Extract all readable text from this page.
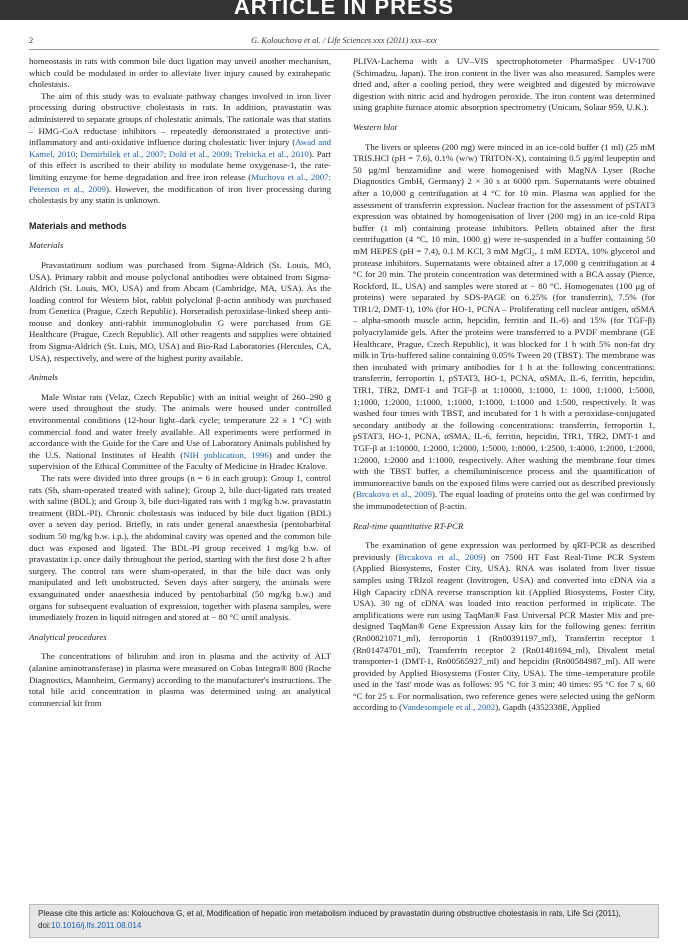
ARTICLE IN PRESS
2	G. Kolouchova et al. / Life Sciences xxx (2011) xxx–xxx

homeostasis in rats with common bile duct ligation may unveil another mechanism, which could be modulated in order to alleviate liver injury caused by extrahepatic cholestasis.

The aim of this study was to evaluate pathway changes involved in iron liver processing during obstructive cholestasis in rats. In addition, pravastatin was administered to separate groups of cholestatic animals. The rationale was that statins – HMG-CoA reductase inhibitors – repeatedly demonstrated a protective anti-inflammatory and anti-oxidative influence during cholestatic liver injury (Awad and Kamel, 2010; Demirbilek et al., 2007; Dold et al., 2009; Trebicka et al., 2010). Part of this effect is ascribed to their ability to modulate heme oxygenase-1, the rate-limiting enzyme for heme degradation and free iron release (Muchova et al., 2007; Peterson et al., 2009). However, the modification of iron liver processing during cholestasis by any statin is unknown.

Materials and methods
Materials

Pravastatinum sodium was purchased from Sigma-Aldrich (St. Louis, MO, USA). Primary rabbit and mouse polyclonal antibodies were obtained from Sigma-Aldrich (St. Louis, MO, USA) and from Abcam (Cambridge, MA, USA). As the loading control for Western blot, rabbit polyclonal β-actin antibody was purchased from Genetica (Prague, Czech Republic). Horseradish peroxidase-linked sheep anti-mouse and donkey anti-rabbit immunoglobulin G were purchased from GE Healthcare (Prague, Czech Republic). All other reagents and supplies were obtained from Sigma-Aldrich (St. Luis, MO, USA) and Bio-Rad Laboratories (Hercules, CA, USA), respectively, and were of the highest purity available.

Animals

Male Wistar rats (Velaz, Czech Republic) with an initial weight of 260–290 g were used throughout the study. The animals were housed under controlled environmental conditions (12-hour light–dark cycle; temperature 22 ± 1 °C) with commercial food and water freely available. All experiments were performed in accordance with the Guide for the Care and Use of Laboratory Animals published by the U.S. National Institutes of Health (NIH publication, 1996) and under the supervision of the Ethical Committee of the Faculty of Medicine in Hradec Kralove.

The rats were divided into three groups (n = 6 in each group): Group 1, control rats (Sh, sham-operated treated with saline); Group 2, bile duct-ligated rats treated with saline (BDL); and Group 3, bile duct-ligated rats with 1 mg/kg b.w. pravastatin treatment (BDL-PI). Chronic cholestasis was induced by bile duct ligation (BDL) over a seven day period. Briefly, in rats under general anaesthesia (pentobarbital sodium 50 mg/kg b.w. i.p.), the abdominal cavity was opened and the common bile duct was exposed and ligated. The BDL-PI group received 1 mg/kg b.w. of pravastatin i.p. once daily throughout the period, starting with the first dose 2 h after surgery. The control rats were sham-operated, in that the bile duct was only manipulated and left unobstructed. Seven days after surgery, the animals were exsanguinated under anaesthesia induced by pentobarbital (50 mg/kg b.w.) and organs for subsequent evaluation of expression, together with plasma samples, were immediately frozen in liquid nitrogen and stored at − 80 °C until analysis.

Analytical procedures

The concentrations of bilirubin and iron in plasma and the activity of ALT (alanine aminotransferase) in plasma were measured on Cobas Integra® 800 (Roche Diagnostics, Mannheim, Germany) according to the manufacturer's instructions. The total bile acid concentration in plasma was determined using an analytical commercial kit from

PLIVA-Lachema with a UV–VIS spectrophotometer PharmaSpec UV-1700 (Schimadzu, Japan). The iron content in the liver was also measured. Samples were dried and, after a cooling period, they were weighted and digested by microwave digestion with nitric acid and hydrogen peroxide. The iron content was determined using graphite furnace atomic absorption spectrometry (Unicam, Solaar 959, U.K.).

Western blot

The livers or spleens (200 mg) were minced in an ice-cold buffer (1 ml) (25 mM TRIS.HCl (pH = 7.6), 0.1% (w/w) TRITON-X), containing 0.5 μg/ml leupeptin and 50 μg/ml benzamidine and were homogenised with MagNA Lyser (Roche Diagnostics GmbH, Germany) 2 × 30 s at 6000 rpm. Supernatants were obtained after a 10,000 g centrifugation at 4 °C for 10 min. Plasma was applied for the assessment of transferrin expression. Nuclear fraction for the assessment of pSTAT3 expression was obtained by homogenisation of liver (200 mg) in an ice-cold Ripa buffer (1 ml) containing protease inhibitors. Pellets obtained after the first centrifugation (4 °C, 10 min, 1000 g) were re-suspended in a buffer containing 50 mM HEPES (pH = 7.4), 0.1 M KCl, 3 mM MgCl₂, 1 mM EDTA, 10% glycerol and protease inhibitors. Supernatants were obtained after a 17,000 g centrifugation at 4 °C for 20 min. The protein concentration was determined with a BCA assay (Pierce, Rockford, IL, USA) and samples were stored at − 80 °C. Homogenates (100 μg of proteins) were separated by SDS-PAGE on 6.25% (for transferrin), 7.5% (for TfR1/2, DMT-1), 10% (for HO-1, PCNA – Proliferating cell nuclear antigen, αSMA – alpha-smooth muscle actin, hepcidin, ferritin and IL-6) and 15% (for TGF-β) polyacrylamide gels. After the proteins were transferred to a PVDF membrane (GE Healthcare, Prague, Czech Republic), it was blocked for 1 h with 5% non-fat dry milk in Tris-buffered saline containing 0.05% Tween 20 (TBST). The membrane was then incubated with primary antibodies for 1 h at the following concentrations: transferrin, ferroportin 1, pSTAT3, HO-1, PCNA, αSMA, IL-6, ferritin, hepcidin, TfR1, TfR2, DMT-1 and TGF-β at 1:10000, 1:1000, 1: 1000, 1:1000, 1:5000, 1:1000, 1:2000, 1:1000, 1:1000, 1:1000, 1:1000 and 1:500, respectively. It was washed four times with TBST, and incubated for 1 h with a peroxidase-conjugated secondary antibody at the following concentrations: transferrin, ferroportin 1, pSTAT3, HO-1, PCNA, αSMA, IL-6, ferritin, hepcidin, TfR1, TfR2, DMT-1 and TGF-β at 1:10000, 1:2000, 1:2000, 1:5000, 1:8000, 1:2500, 1:4000, 1:2000, 1:2000, 1:2000, 1:2000 and 1:1000, respectively. After washing the membrane four times with the TBST buffer, a chemiluminiscence process and the quantification of immunoreactive bands on the exposed films were carried out as described previously (Brcakova et al., 2009). The equal loading of proteins onto the gel was confirmed by the immunodetection of β-actin.

Real-time quantitative RT-PCR

The examination of gene expression was performed by qRT-PCR as described previously (Brcakova et al., 2009) on 7500 HT Fast Real-Time PCR System (Applied Biosystems, Foster City, USA). RNA was isolated from liver tissue samples using TRIzol reagent (Invitrogen, USA) and converted into cDNA via a High Capacity cDNA reverse transcription kit (Applied Biosystems, Foster City, USA). 30 ng of cDNA was loaded into reaction performed in triplicate. The amplifications were run using TaqMan® Fast Universal PCR Master Mix and pre-designed TaqMan® Gene Expression Assay kits for the following genes: ferritin (Rn00821071_ml), ferroportin 1 (Rn00391197_ml), Transferrin receptor 1 (Rn01474701_ml), Transferrin receptor 2 (Rn01481694_ml), Divalent metal transporter-1 (DMT-1, Rn00565927_ml) and hepcidin (Rn00584987_ml). All were provided by Applied Biosystems (Foster City, USA). The time–temperature profile used in the 'fast' mode was as follows: 95 °C for 3 min; 40 times: 95 °C for 7 s, 60 °C for 25 s. For normalisation, two reference genes were selected using the geNorm according to (Vandesompele et al., 2002), Gapdh (4352338E, Applied

Please cite this article as: Kolouchova G, et al, Modification of hepatic iron metabolism induced by pravastatin during obstructive cholestasis in rats, Life Sci (2011), doi:10.1016/j.lfs.2011.08.014
